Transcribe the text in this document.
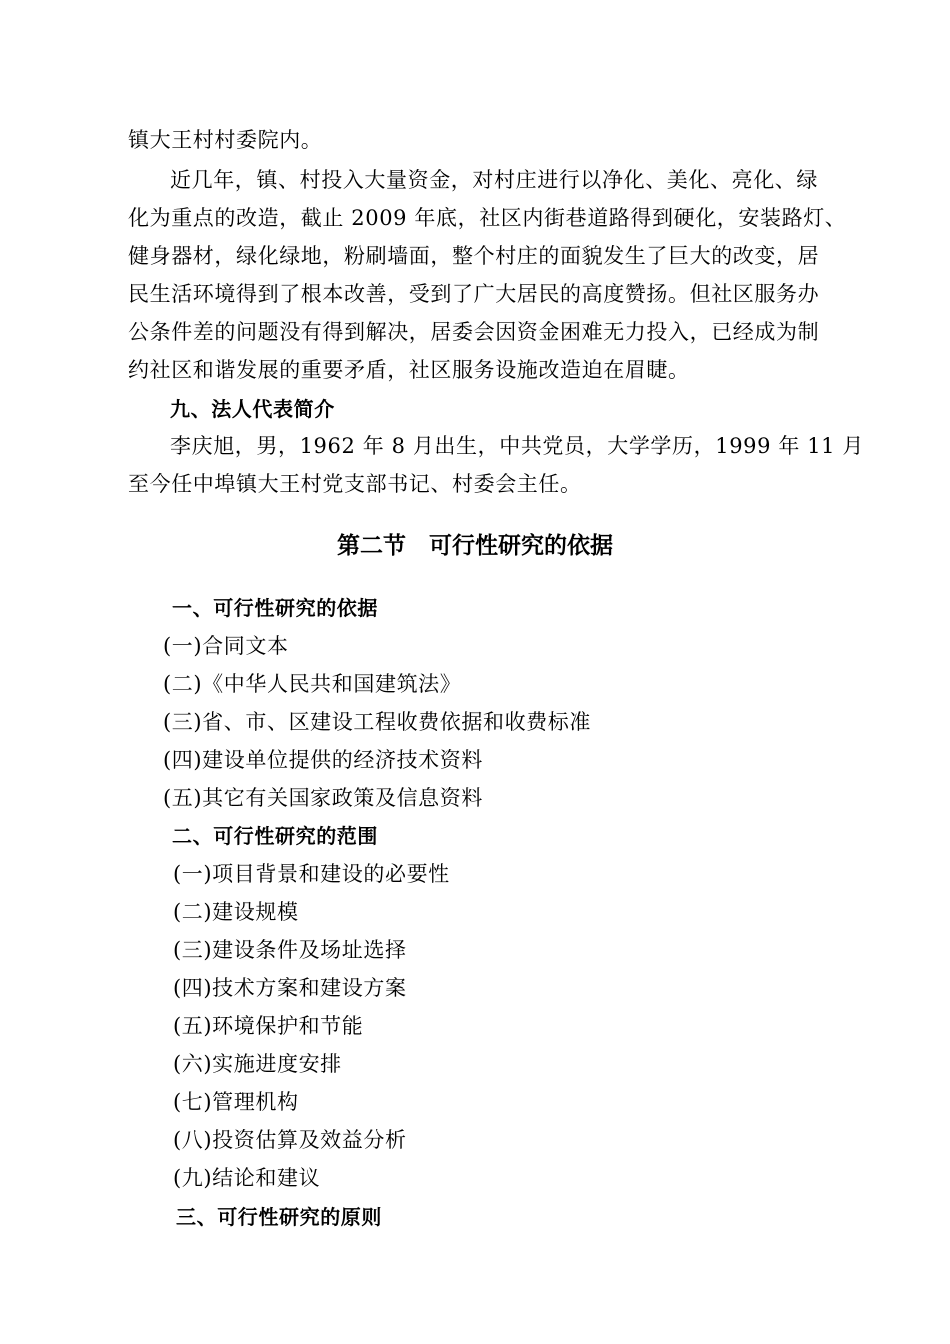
镇大王村村委院内。
近几年，镇、村投入大量资金，对村庄进行以净化、美化、亮化、绿
化为重点的改造，截止 2009 年底，社区内街巷道路得到硬化，安装路灯、
健身器材，绿化绿地，粉刷墙面，整个村庄的面貌发生了巨大的改变，居
民生活环境得到了根本改善，受到了广大居民的高度赞扬。但社区服务办
公条件差的问题没有得到解决，居委会因资金困难无力投入，已经成为制
约社区和谐发展的重要矛盾，社区服务设施改造迫在眉睫。
九、法人代表简介
李庆旭，男，1962 年 8 月出生，中共党员，大学学历，1999 年 11 月
至今任中埠镇大王村党支部书记、村委会主任。
第二节　可行性研究的依据
一、可行性研究的依据
(一)合同文本
(二)《中华人民共和国建筑法》
(三)省、市、区建设工程收费依据和收费标准
(四)建设单位提供的经济技术资料
(五)其它有关国家政策及信息资料
二、可行性研究的范围
(一)项目背景和建设的必要性
(二)建设规模
(三)建设条件及场址选择
(四)技术方案和建设方案
(五)环境保护和节能
(六)实施进度安排
(七)管理机构
(八)投资估算及效益分析
(九)结论和建议
三、可行性研究的原则
